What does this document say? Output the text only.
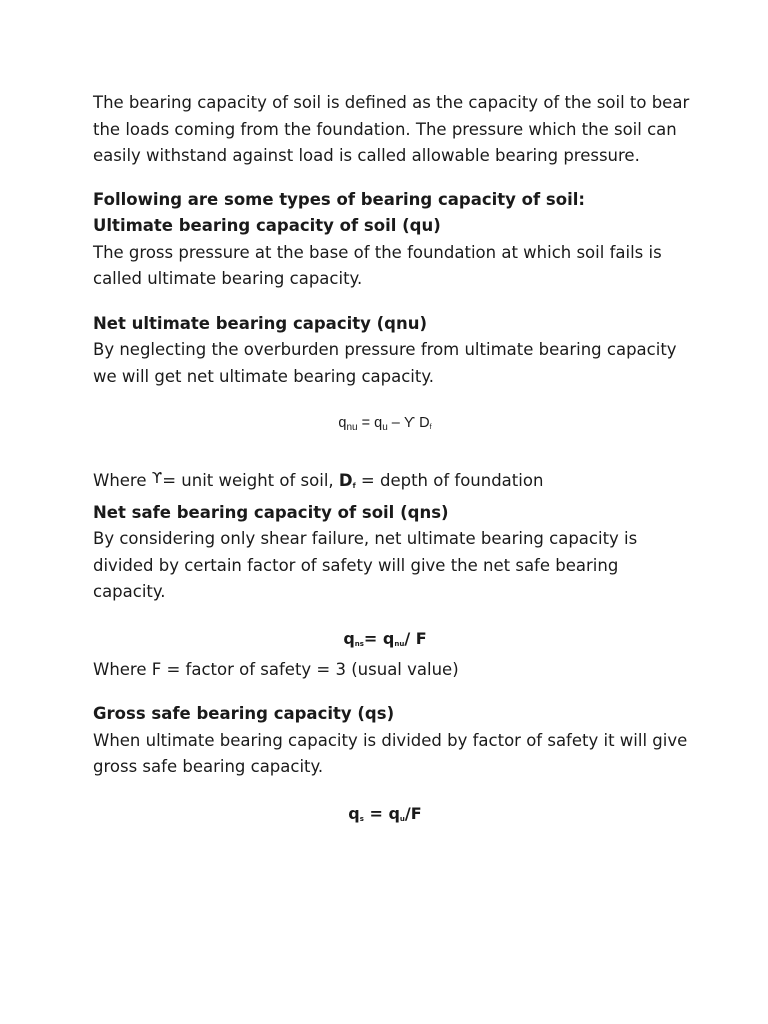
The bearing capacity of soil is defined as the capacity of the soil to bear the loads coming from the foundation. The pressure which the soil can easily withstand against load is called allowable bearing pressure.

Following are some types of bearing capacity of soil:

Ultimate bearing capacity of soil (qu)

The gross pressure at the base of the foundation at which soil fails is called ultimate bearing capacity.

Net ultimate bearing capacity (qnu)

By neglecting the overburden pressure from ultimate bearing capacity we will get net ultimate bearing capacity.

$q_{nu} = q_u - ϒ$ $D_f$

Where ϒ= unit weight of soil, $D_f$ = depth of foundation

Net safe bearing capacity of soil (qns)

By considering only shear failure, net ultimate bearing capacity is divided by certain factor of safety will give the net safe bearing capacity.

$q_{ns}= q_{nu}/$ F

Where F = factor of safety = 3 (usual value)

Gross safe bearing capacity (qs)

When ultimate bearing capacity is divided by factor of safety it will give gross safe bearing capacity.

$q_s = q_u/F$
